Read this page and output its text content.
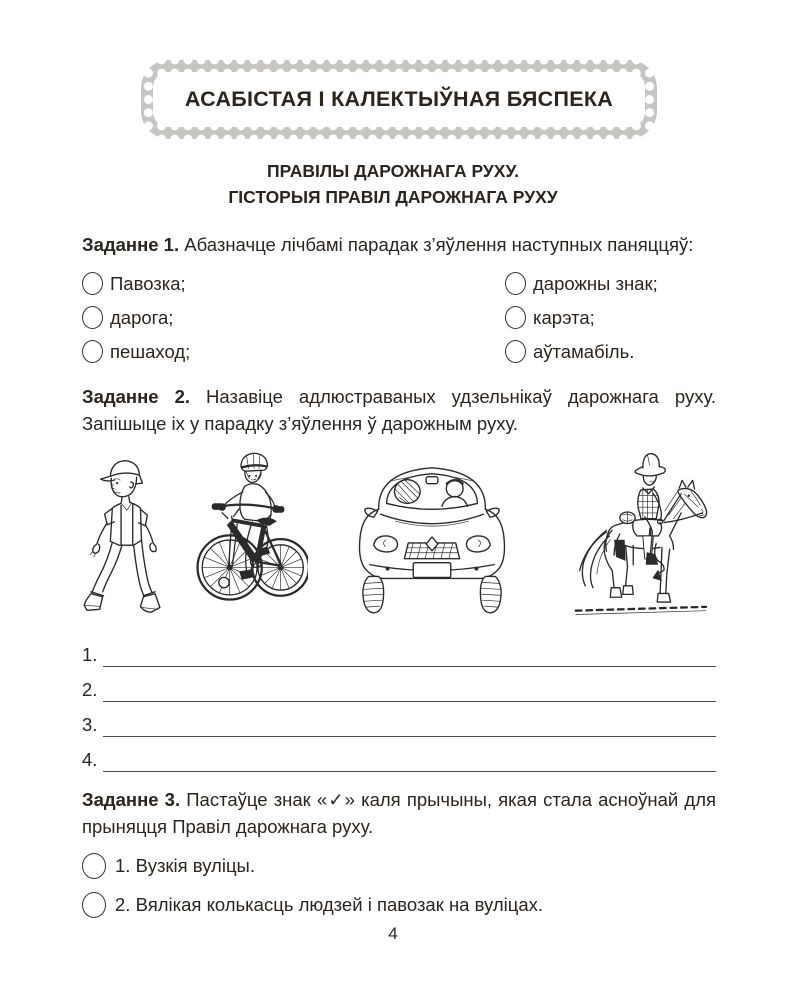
АСАБІСТАЯ І КАЛЕКТЫЎНАЯ БЯСПЕКА
ПРАВІЛЫ ДАРОЖНАГА РУХУ.
ГІСТОРЫЯ ПРАВІЛ ДАРОЖНАГА РУХУ

Заданне 1. Абазначце лічбамі парадак з’яўлення наступных паняццяў:

Павозка;
дарога;
пешаход;
дарожны знак;
карэта;
аўтамабіль.

Заданне 2. Назавіце адлюстраваных удзельнікаў дарожнага руху. Запішыце іх у парадку з’яўлення ў дарожным руху.

1.
2.
3.
4.

Заданне 3. Пастаўце знак «✓» каля прычыны, якая стала асноўнай для прыняцця Правіл дарожнага руху.

1. Вузкія вуліцы.
2. Вялікая колькасць людзей і павозак на вуліцах.
4
